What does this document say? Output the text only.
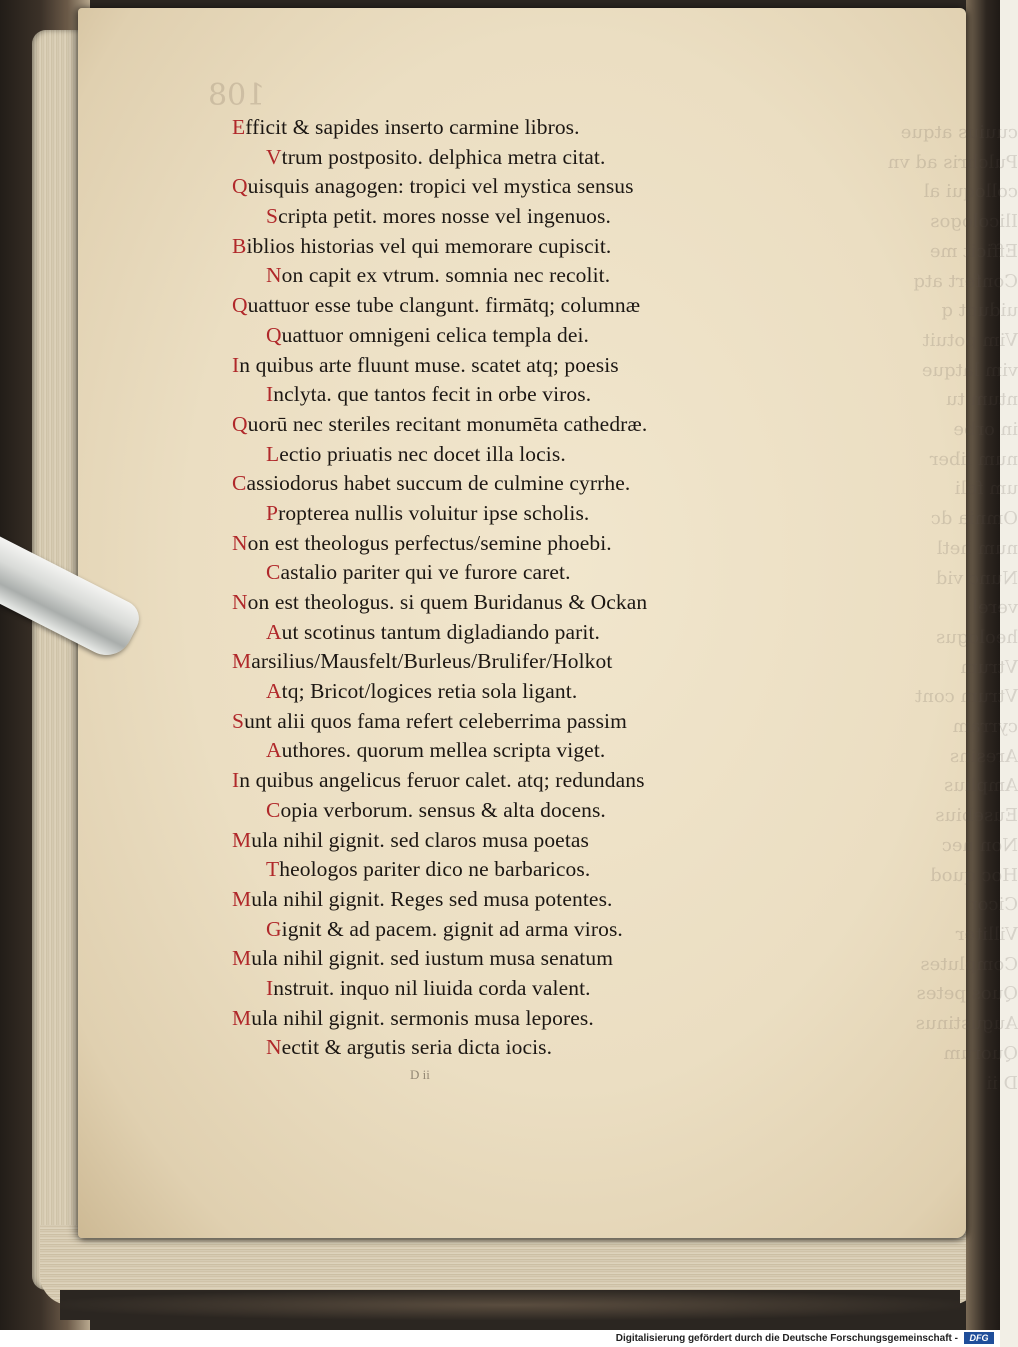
108
cuuius atque
Pulchris ad vn
colloqui al
Ilicologos
Efficit me
Confert atq
uidunt q
Vim potuit
vim latque
ntum tu
in orbe
num liber
um feli
Omnia dc
num hetl
Nunc vid
verel
heologus
Vtrum
Vtrum cont
cyrram
Aresins
Amplius
Eusebius
Non nec
Hoc quod
Cicor
Villiter
Complutes
Quos petes
Augustinus
Quorum
D ii
Efficit & sapides inserto carmine libros.
Vtrum postposito. delphica metra citat.
Quisquis anagogen: tropici vel mystica sensus
Scripta petit. mores nosse vel ingenuos.
Biblios historias vel qui memorare cupiscit.
Non capit ex vtrum. somnia nec recolit.
Quattuor esse tube clangunt. firmātq; columnæ
Quattuor omnigeni celica templa dei.
In quibus arte fluunt muse. scatet atq; poesis
Inclyta. que tantos fecit in orbe viros.
Quorū nec steriles recitant monumēta cathedræ.
Lectio priuatis nec docet illa locis.
Cassiodorus habet succum de culmine cyrrhe.
Propterea nullis voluitur ipse scholis.
Non est theologus perfectus/semine phoebi.
Castalio pariter qui ve furore caret.
Non est theologus. si quem Buridanus & Ockan
Aut scotinus tantum digladiando parit.
Marsilius/Mausfelt/Burleus/Brulifer/Holkot
Atq; Bricot/logices retia sola ligant.
Sunt alii quos fama refert celeberrima passim
Authores. quorum mellea scripta viget.
In quibus angelicus feruor calet. atq; redundans
Copia verborum. sensus & alta docens.
Mula nihil gignit. sed claros musa poetas
Theologos pariter dico ne barbaricos.
Mula nihil gignit. Reges sed musa potentes.
Gignit & ad pacem. gignit ad arma viros.
Mula nihil gignit. sed iustum musa senatum
Instruit. inquo nil liuida corda valent.
Mula nihil gignit. sermonis musa lepores.
Nectit & argutis seria dicta iocis.
D ii
Digitalisierung gefördert durch die Deutsche Forschungsgemeinschaft -	DFG
